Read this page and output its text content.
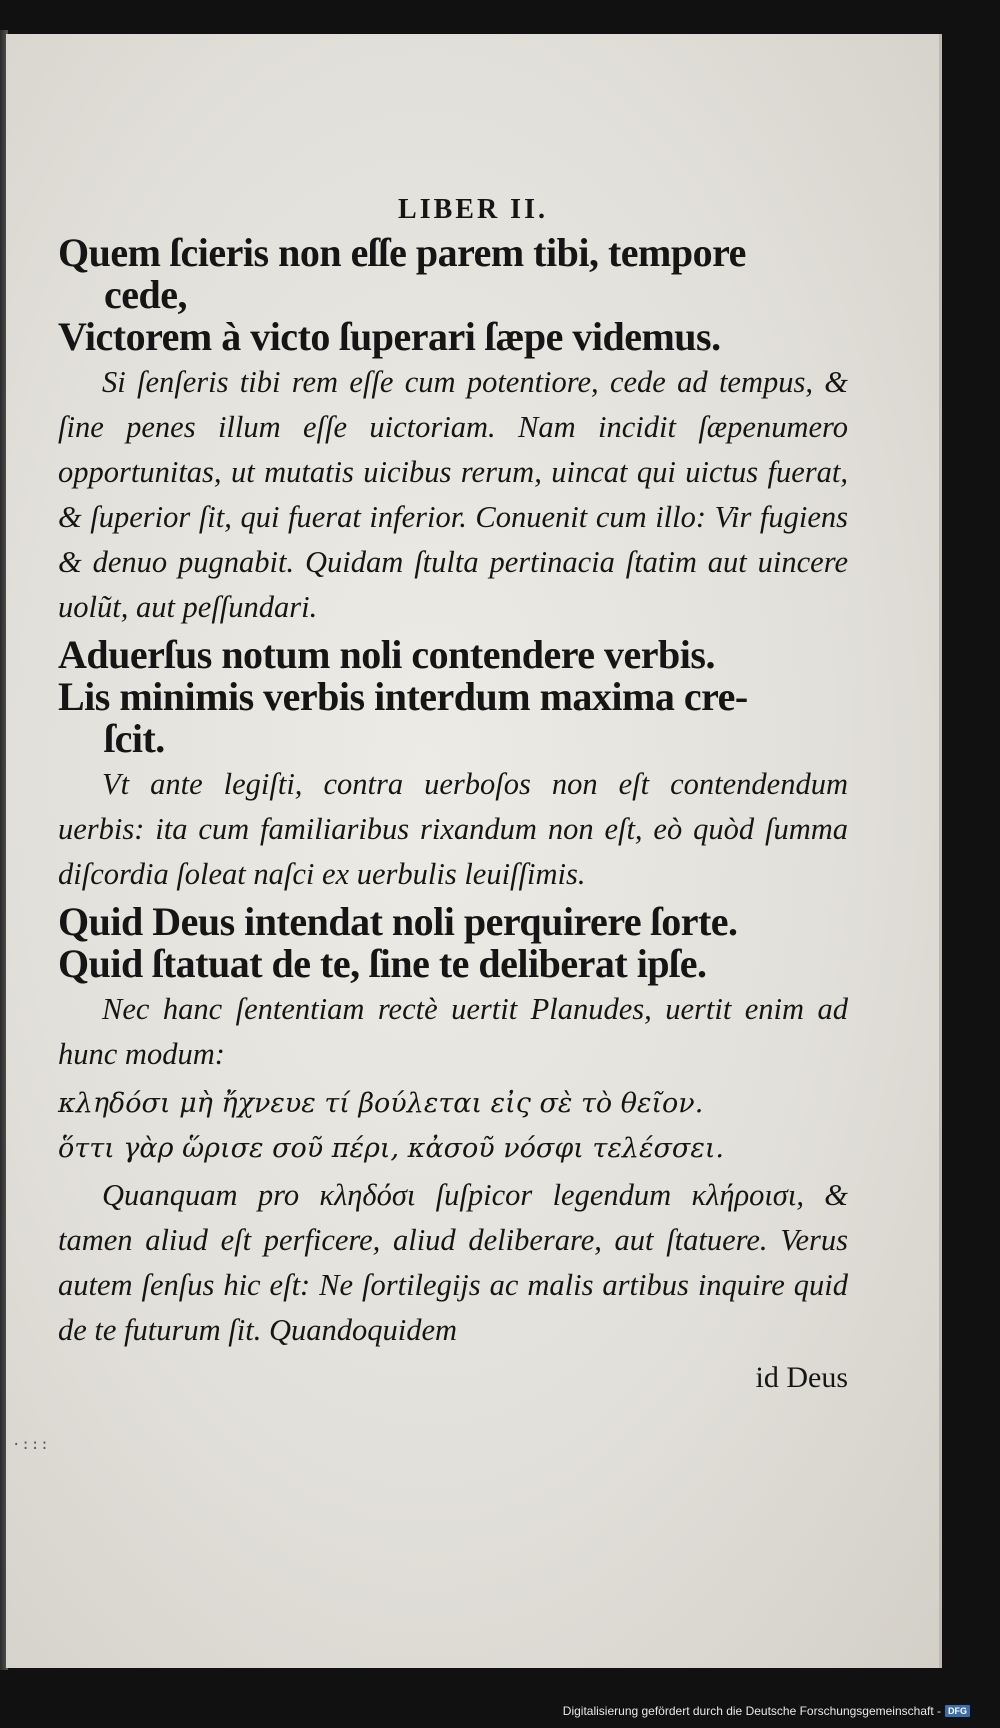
LIBER II.
Quem ſcieris non eſſe parem tibi, tempore
cede,
Victorem à victo ſuperari ſæpe videmus.

Si ſenſeris tibi rem eſſe cum potentiore, cede ad tempus, & ſine penes illum eſſe uictoriam. Nam incidit ſæpenumero opportunitas, ut mutatis uicibus rerum, uincat qui uictus fuerat, & ſuperior ſit, qui fuerat inferior. Conuenit cum illo: Vir fugiens & denuo pugnabit. Quidam ſtulta pertinacia ſtatim aut uincere uolũt, aut peſſundari.

Aduerſus notum noli contendere verbis.
Lis minimis verbis interdum maxima cre-
ſcit.

Vt ante legiſti, contra uerboſos non eſt contendendum uerbis: ita cum familiaribus rixandum non eſt, eò quòd ſumma diſcordia ſoleat naſci ex uerbulis leuiſſimis.

Quid Deus intendat noli perquirere ſorte.
Quid ſtatuat de te, ſine te deliberat ipſe.

Nec hanc ſententiam rectè uertit Planudes, uertit enim ad hunc modum:

κληδόσι μὴ ἤχνευε τί βούλεται εἰς σὲ τὸ θεῖον.

ὅττι γὰρ ὥρισε σοῦ πέρι, κἀσοῦ νόσφι τελέσσει.

Quanquam pro κληδόσι ſuſpicor legendum κλήροισι, & tamen aliud eſt perficere, aliud deliberare, aut ſtatuere. Verus autem ſenſus hic eſt: Ne ſortilegijs ac malis artibus inquire quid de te futurum ſit. Quandoquidem

id Deus

·:::
Digitalisierung gefördert durch die Deutsche Forschungsgemeinschaft - DFG
